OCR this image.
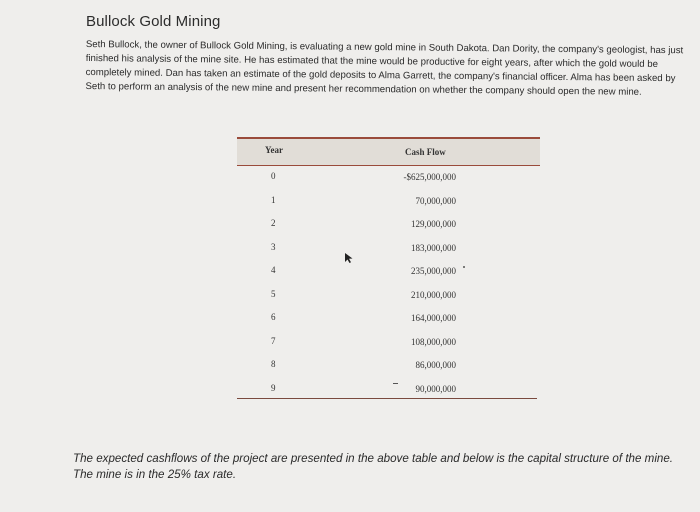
Bullock Gold Mining
Seth Bullock, the owner of Bullock Gold Mining, is evaluating a new gold mine in South Dakota. Dan Dority, the company's geologist, has just finished his analysis of the mine site. He has estimated that the mine would be productive for eight years, after which the gold would be completely mined. Dan has taken an estimate of the gold deposits to Alma Garrett, the company's financial officer. Alma has been asked by Seth to perform an analysis of the new mine and present her recommendation on whether the company should open the new mine.
Year	Cash Flow
0	-$625,000,000
1	70,000,000
2	129,000,000
3	183,000,000
4	235,000,000
5	210,000,000
6	164,000,000
7	108,000,000
8	86,000,000
9	90,000,000
The expected cashflows of the project are presented in the above table and below is the capital structure of the mine. The mine is in the 25% tax rate.
